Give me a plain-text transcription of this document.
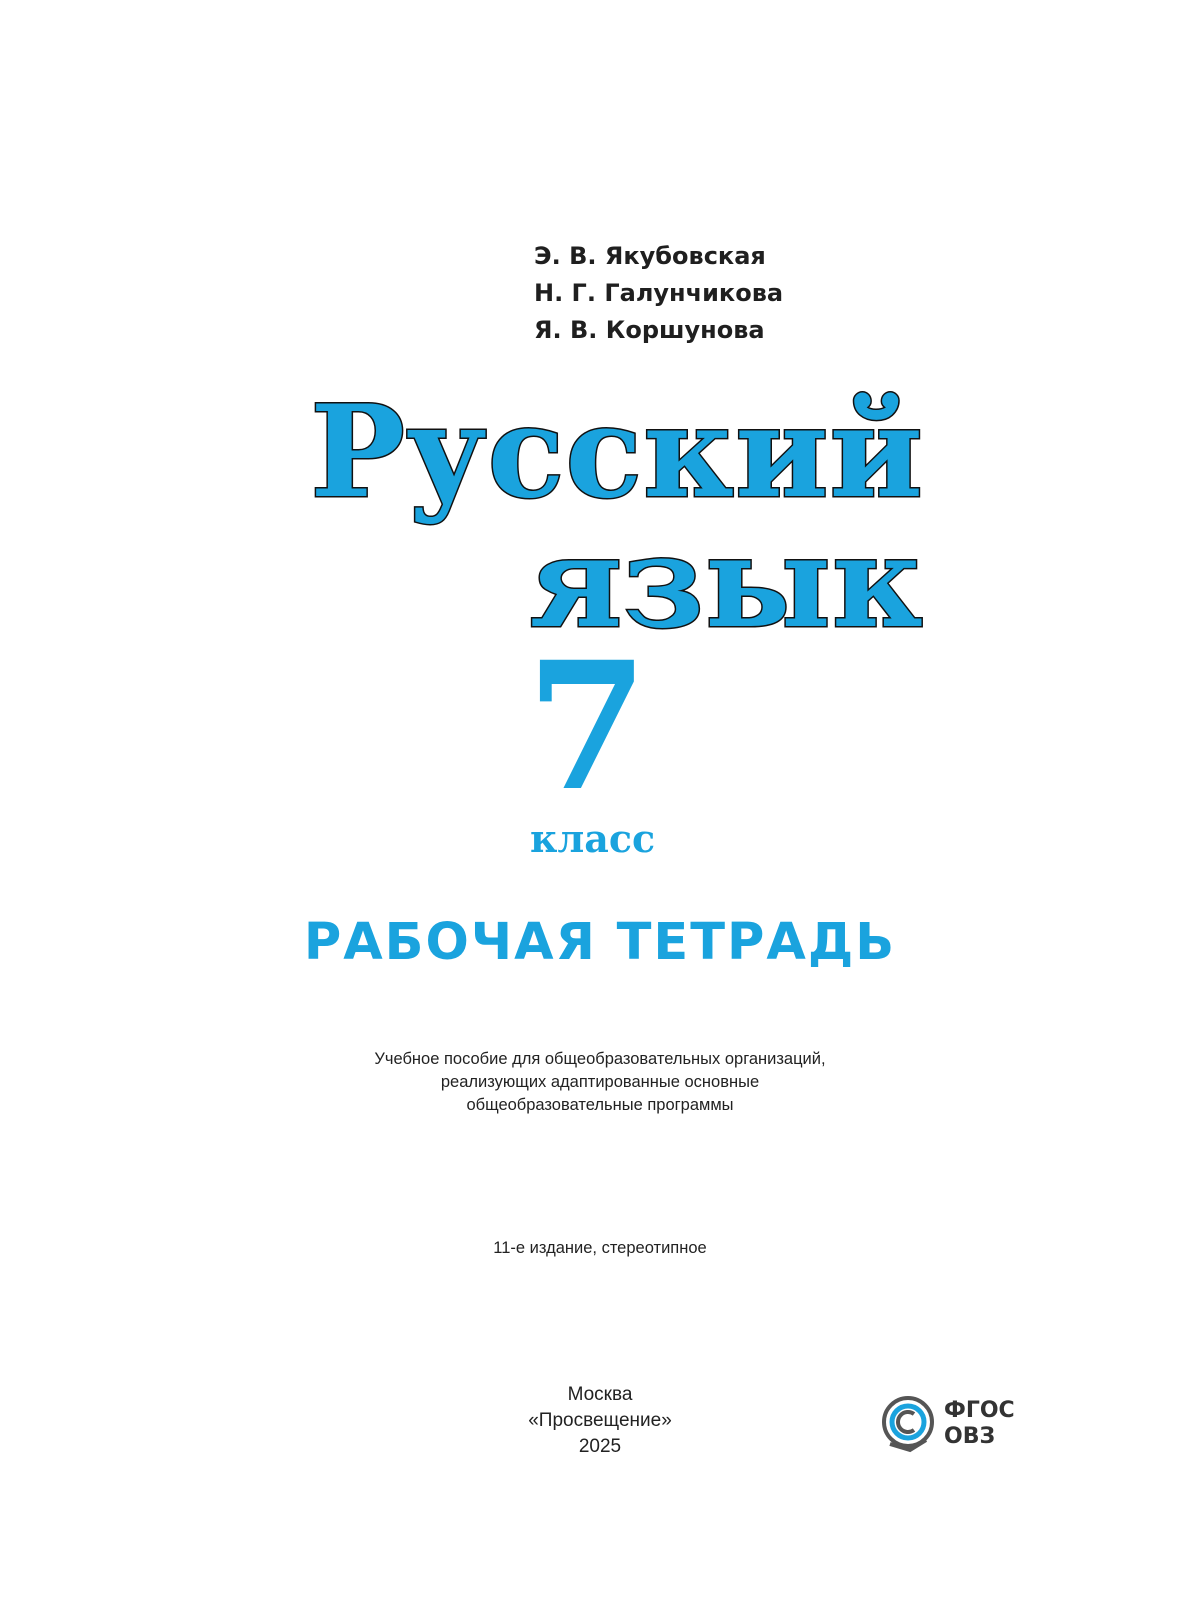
Э. В. Якубовская
Н. Г. Галунчикова
Я. В. Коршунова
Русский
язык
7
класс
РАБОЧАЯ ТЕТРАДЬ
Учебное пособие для общеобразовательных организаций,
реализующих адаптированные основные
общеобразовательные программы
11-е издание, стереотипное
Москва
«Просвещение»
2025
ФГОС
ОВЗ
